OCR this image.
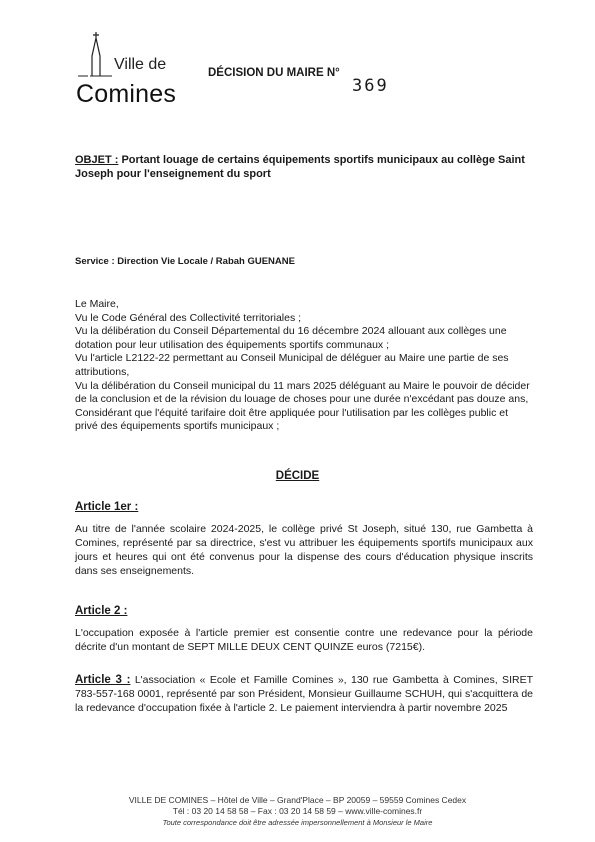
Ville de
Comines
DÉCISION DU MAIRE N°
369
OBJET : Portant louage de certains équipements sportifs municipaux au collège Saint Joseph pour l'enseignement du sport
Service : Direction Vie Locale / Rabah GUENANE

Le Maire,

Vu le Code Général des Collectivité territoriales ;

Vu la délibération du Conseil Départemental du 16 décembre 2024 allouant aux collèges une dotation pour leur utilisation des équipements sportifs communaux ;

Vu l'article L2122-22 permettant au Conseil Municipal de déléguer au Maire une partie de ses attributions,

Vu la délibération du Conseil municipal du 11 mars 2025 déléguant au Maire le pouvoir de décider de la conclusion et de la révision du louage de choses pour une durée n'excédant pas douze ans,

Considérant que l'équité tarifaire doit être appliquée pour l'utilisation par les collèges public et privé des équipements sportifs municipaux ;

DÉCIDE
Article 1er :
Au titre de l'année scolaire 2024-2025, le collège privé St Joseph, situé 130, rue Gambetta à Comines, représenté par sa directrice, s'est vu attribuer les équipements sportifs municipaux aux jours et heures qui ont été convenus pour la dispense des cours d'éducation physique inscrits dans ses enseignements.
Article 2 :
L'occupation exposée à l'article premier est consentie contre une redevance pour la période décrite d'un montant de SEPT MILLE DEUX CENT QUINZE euros (7215€).
Article 3 : L'association « Ecole et Famille Comines », 130 rue Gambetta à Comines, SIRET 783-557-168 0001, représenté par son Président, Monsieur Guillaume SCHUH, qui s'acquittera de la redevance d'occupation fixée à l'article 2. Le paiement interviendra à partir novembre 2025
VILLE DE COMINES – Hôtel de Ville – Grand'Place – BP 20059 – 59559 Comines Cedex
Tél : 03 20 14 58 58 – Fax : 03 20 14 58 59 – www.ville-comines.fr
Toute correspondance doit être adressée impersonnellement à Monsieur le Maire
